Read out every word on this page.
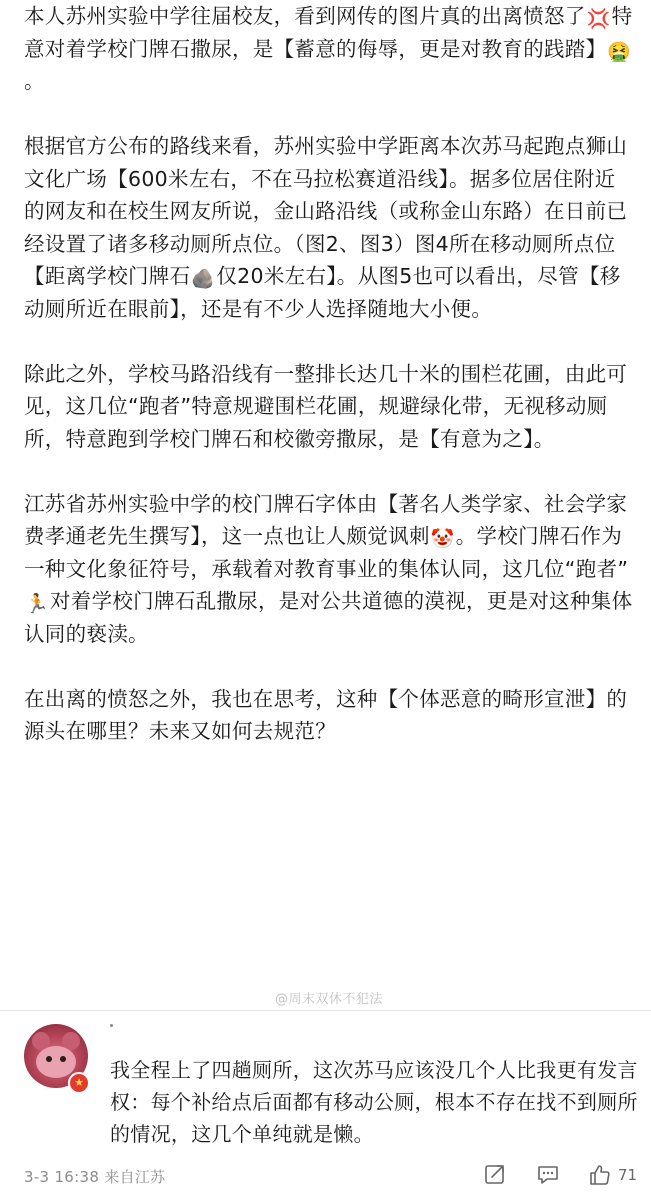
本人苏州实验中学往届校友，看到网传的图片真的出离愤怒了💢特意对着学校门牌石撒尿，是【蓄意的侮辱，更是对教育的践踏】🤮。

根据官方公布的路线来看，苏州实验中学距离本次苏马起跑点狮山文化广场【600米左右，不在马拉松赛道沿线】。据多位居住附近的网友和在校生网友所说，金山路沿线（或称金山东路）在日前已经设置了诸多移动厕所点位。（图2、图3）图4所在移动厕所点位【距离学校门牌石🪨仅20米左右】。从图5也可以看出，尽管【移动厕所近在眼前】，还是有不少人选择随地大小便。

除此之外，学校马路沿线有一整排长达几十米的围栏花圃，由此可见，这几位“跑者”特意规避围栏花圃，规避绿化带，无视移动厕所，特意跑到学校门牌石和校徽旁撒尿，是【有意为之】。

江苏省苏州实验中学的校门牌石字体由【著名人类学家、社会学家费孝通老先生撰写】，这一点也让人颇觉讽刺🤡。学校门牌石作为一种文化象征符号，承载着对教育事业的集体认同，这几位“跑者”🏃对着学校门牌石乱撒尿，是对公共道德的漠视，更是对这种集体认同的亵渎。

在出离的愤怒之外，我也在思考，这种【个体恶意的畸形宣泄】的源头在哪里？未来又如何去规范？

@周末双休不犯法
★
我全程上了四趟厕所，这次苏马应该没几个人比我更有发言权：每个补给点后面都有移动公厕，根本不存在找不到厕所的情况，这几个单纯就是懒。
3-3 16:38 来自江苏	71
